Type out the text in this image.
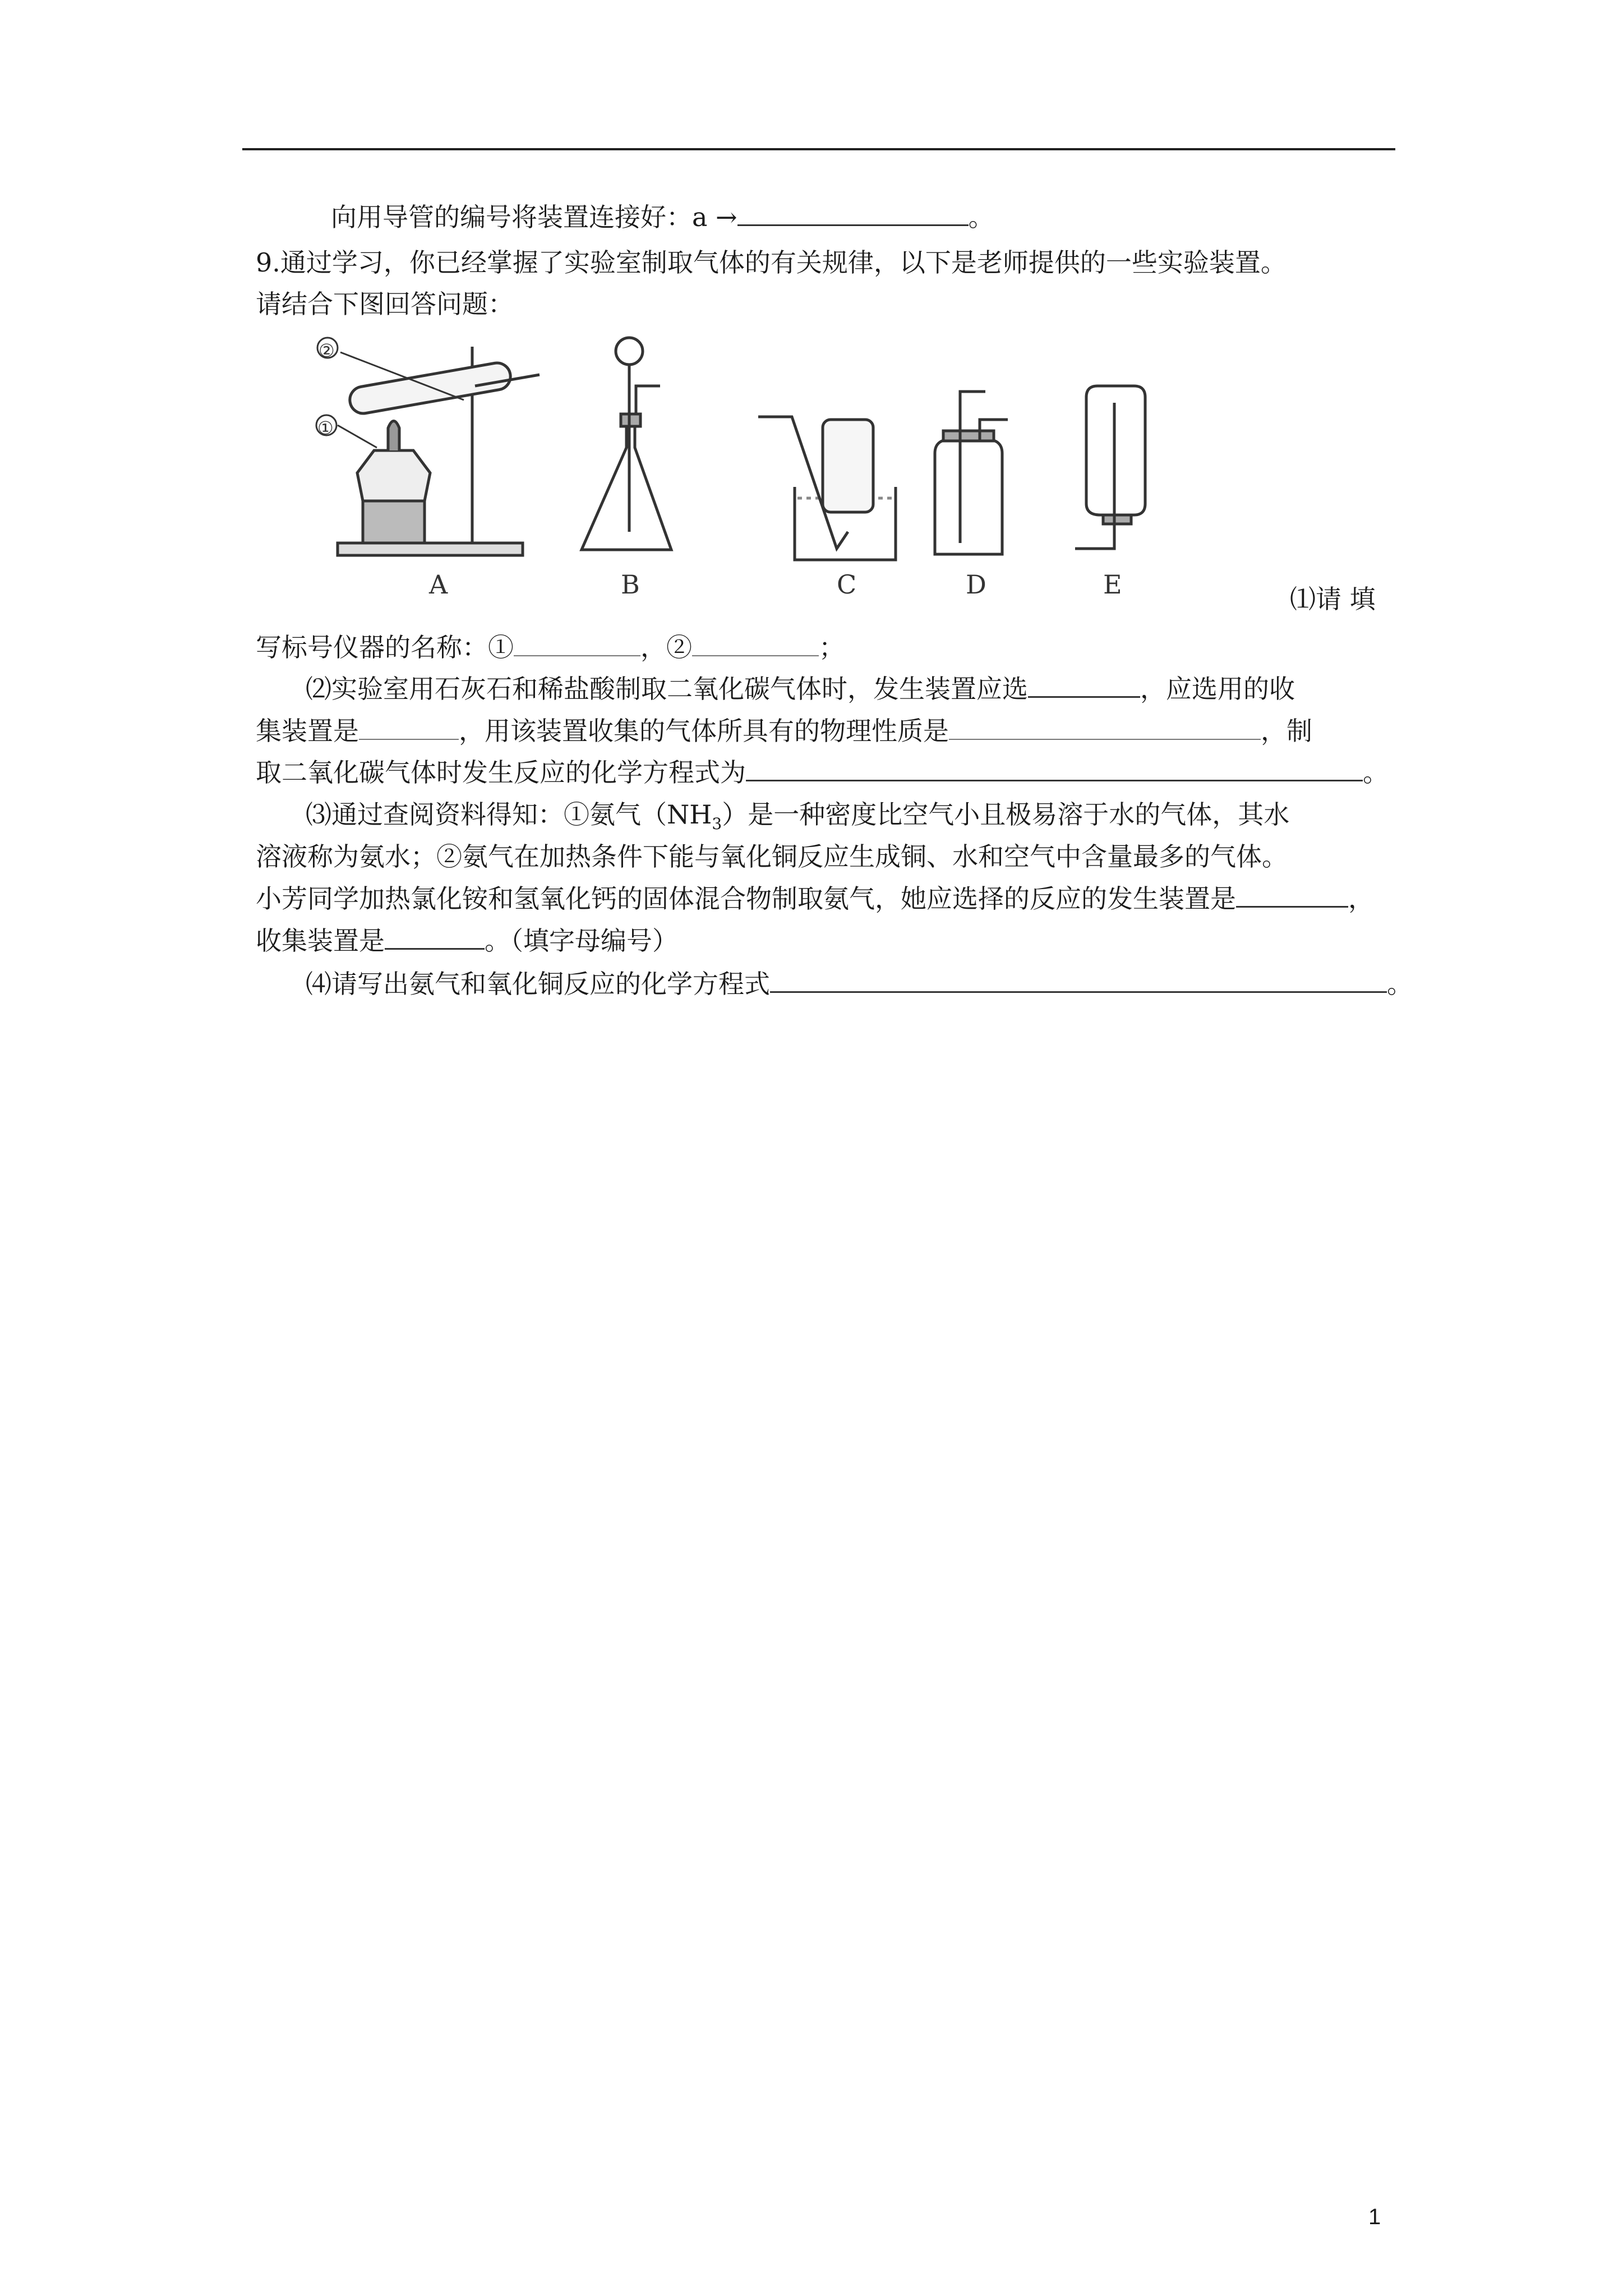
向用导管的编号将装置连接好：a →	。
9.通过学习，你已经掌握了实验室制取气体的有关规律，以下是老师提供的一些实验装置。
请结合下图回答问题：
A	B	C	D	E
②
①
⑴请 填
写标号仪器的名称：①	，②	；
⑵实验室用石灰石和稀盐酸制取二氧化碳气体时，发生装置应选	，应选用的收
集装置是	，用该装置收集的气体所具有的物理性质是	，制
取二氧化碳气体时发生反应的化学方程式为	。
⑶通过查阅资料得知：①氨气$(NH_3)$是一种密度比空气小且极易溶于水的气体，其水
溶液称为氨水；②氨气在加热条件下能与氧化铜反应生成铜、水和空气中含量最多的气体。
小芳同学加热氯化铵和氢氧化钙的固体混合物制取氨气，她应选择的反应的发生装置是	，
收集装置是	。（填字母编号）
⑷请写出氨气和氧化铜反应的化学方程式	。
1
